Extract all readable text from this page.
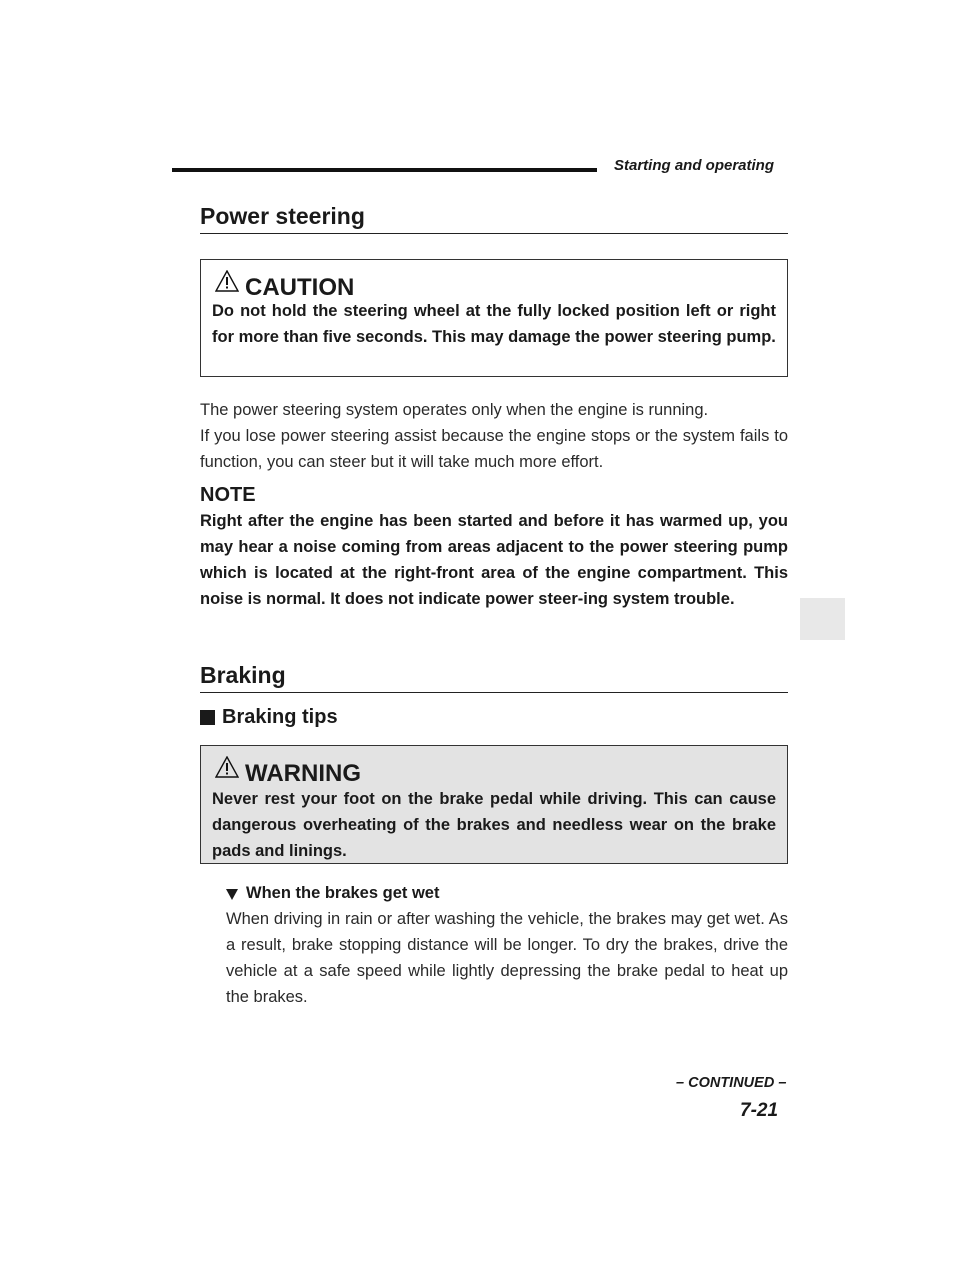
Starting and operating
Power steering
CAUTION
Do not hold the steering wheel at the fully locked position left or right for more than five seconds. This may damage the power steering pump.
The power steering system operates only when the engine is running.
If you lose power steering assist because the engine stops or the system fails to function, you can steer but it will take much more effort.
NOTE
Right after the engine has been started and before it has warmed up, you may hear a noise coming from areas adjacent to the power steering pump which is located at the right-front area of the engine compartment. This noise is normal. It does not indicate power steer-ing system trouble.
Braking
Braking tips
WARNING
Never rest your foot on the brake pedal while driving. This can cause dangerous overheating of the brakes and needless wear on the brake pads and linings.
When the brakes get wet
When driving in rain or after washing the vehicle, the brakes may get wet. As a result, brake stopping distance will be longer. To dry the brakes, drive the vehicle at a safe speed while lightly depressing the brake pedal to heat up the brakes.
– CONTINUED –
7-21
